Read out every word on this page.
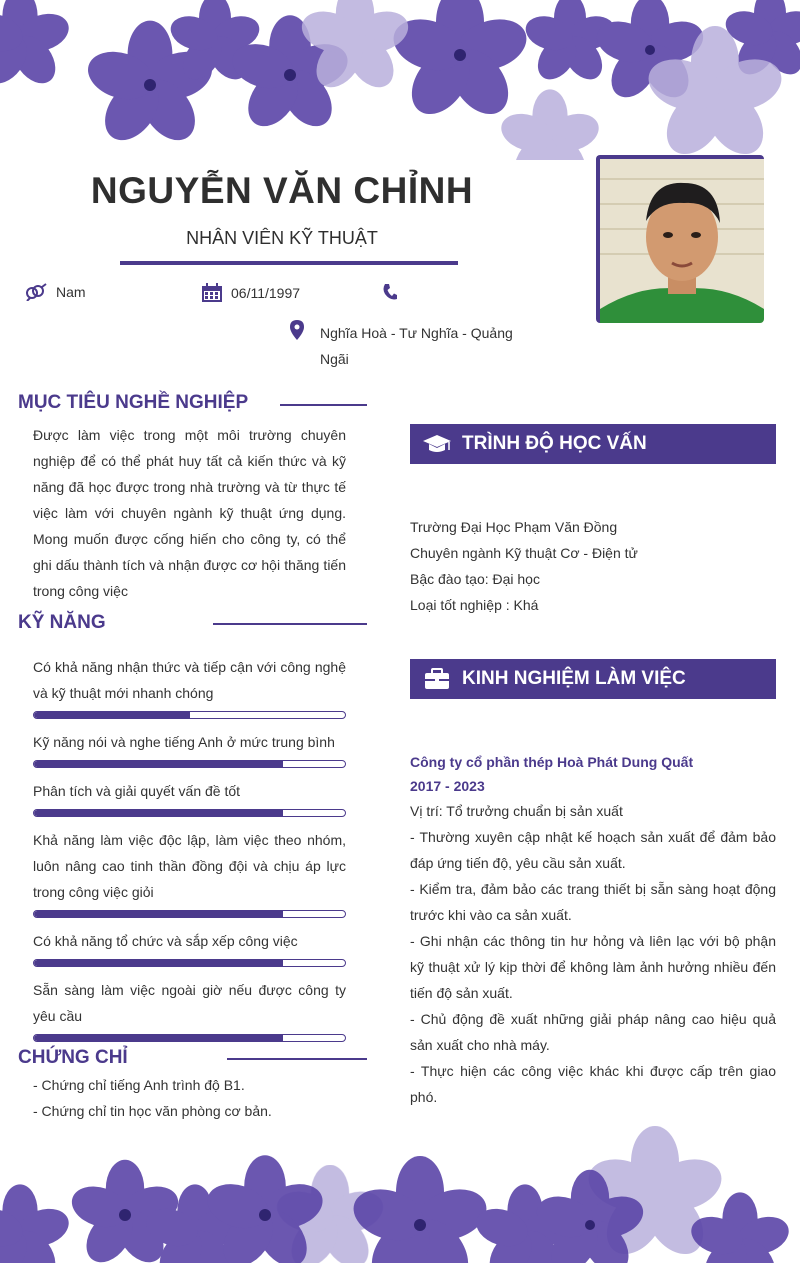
NGUYỄN VĂN CHỈNH
NHÂN VIÊN KỸ THUẬT
Nam	06/11/1997
Nghĩa Hoà - Tư Nghĩa - Quảng
Ngãi
MỤC TIÊU NGHỀ NGHIỆP
Được làm việc trong một môi trường chuyên nghiệp để có thể phát huy tất cả kiến thức và kỹ năng đã học được trong nhà trường và từ thực tế việc làm với chuyên ngành kỹ thuật ứng dụng. Mong muốn được cống hiến cho công ty, có thể ghi dấu thành tích và nhận được cơ hội thăng tiến trong công việc
KỸ NĂNG
Có khả năng nhận thức và tiếp cận với công nghệ và kỹ thuật mới nhanh chóng
Kỹ năng nói và nghe tiếng Anh ở mức trung bình
Phân tích và giải quyết vấn đề tốt
Khả năng làm việc độc lập, làm việc theo nhóm, luôn nâng cao tinh thần đồng đội và chịu áp lực trong công việc giỏi
Có khả năng tổ chức và sắp xếp công việc
Sẵn sàng làm việc ngoài giờ nếu được công ty yêu cầu
CHỨNG CHỈ
- Chứng chỉ tiếng Anh trình độ B1.
- Chứng chỉ tin học văn phòng cơ bản.
TRÌNH ĐỘ HỌC VẤN
Trường Đại Học Phạm Văn Đồng
Chuyên ngành Kỹ thuật Cơ - Điện tử
Bậc đào tạo: Đại học
Loại tốt nghiệp : Khá
KINH NGHIỆM LÀM VIỆC
Công ty cổ phần thép Hoà Phát Dung Quất
2017 - 2023
Vị trí: Tổ trưởng chuẩn bị sản xuất
- Thường xuyên cập nhật kế hoạch sản xuất để đảm bảo đáp ứng tiến độ, yêu cầu sản xuất.
- Kiểm tra, đảm bảo các trang thiết bị sẵn sàng hoạt động trước khi vào ca sản xuất.
- Ghi nhận các thông tin hư hỏng và liên lạc với bộ phận kỹ thuật xử lý kịp thời để không làm ảnh hưởng nhiều đến tiến độ sản xuất.
- Chủ động đề xuất những giải pháp nâng cao hiệu quả sản xuất cho nhà máy.
- Thực hiện các công việc khác khi được cấp trên giao phó.
